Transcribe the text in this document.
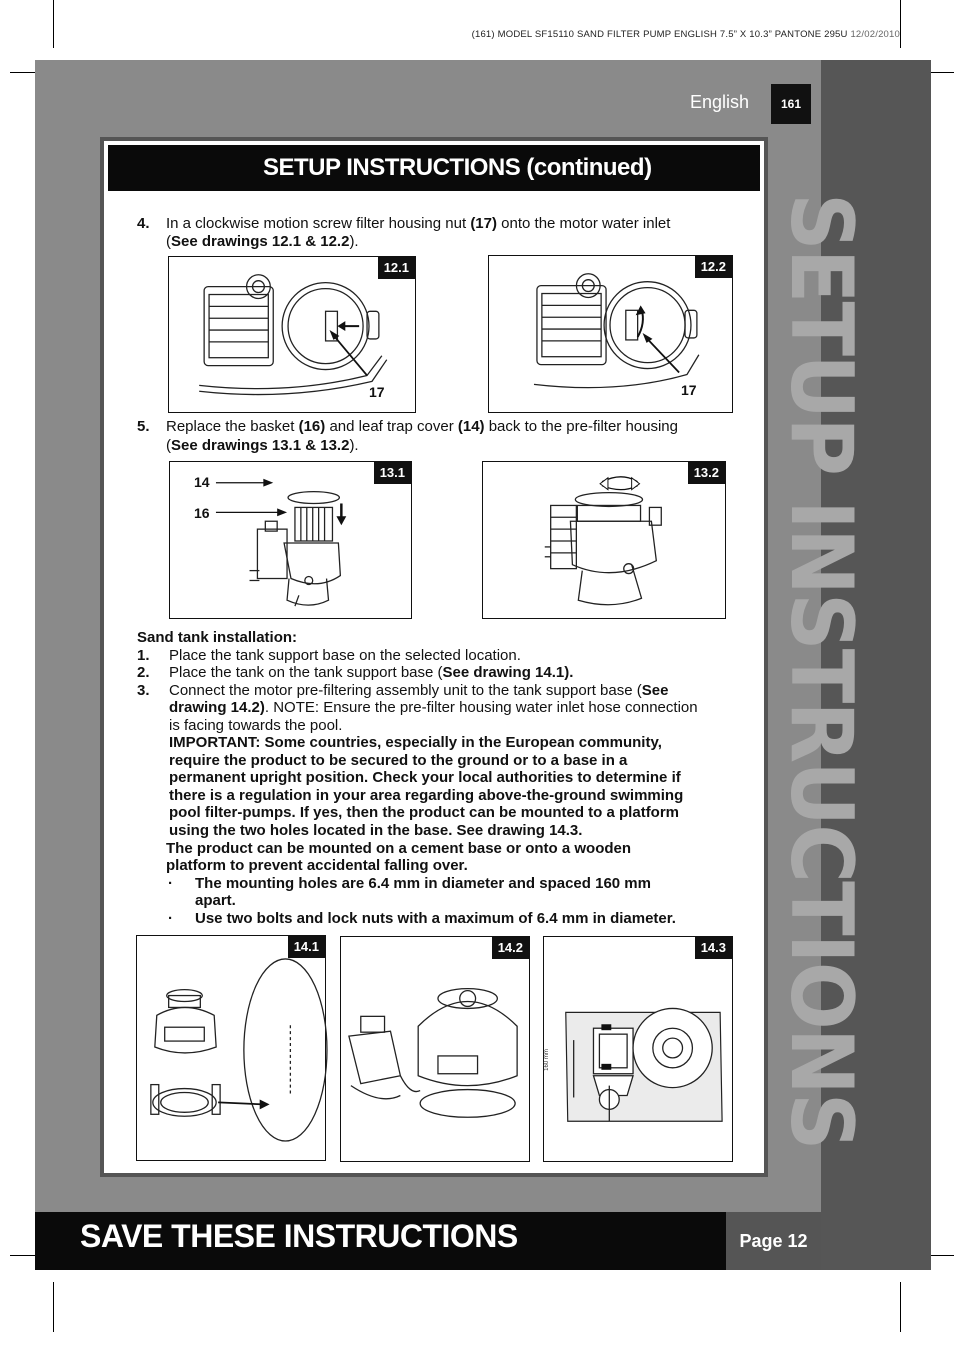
(161) MODEL SF15110 SAND FILTER PUMP ENGLISH 7.5” X 10.3” PANTONE 295U 12/02/2010
SETUP INSTRUCTIONS
English	161
SETUP INSTRUCTIONS (continued)
4. In a clockwise motion screw filter housing nut (17) onto the motor water inlet
(See drawings 12.1 & 12.2).
12.1
17
12.2
17
5. Replace the basket (16) and leaf trap cover (14) back to the pre-filter housing
(See drawings 13.1 & 13.2).
13.1
14
16
13.2
Sand tank installation:
1. Place the tank support base on the selected location.
2. Place the tank on the tank support base (See drawing 14.1).
3. Connect the motor pre-filtering assembly unit to the tank support base (See
drawing 14.2). NOTE: Ensure the pre-filter housing water inlet hose connection
is facing towards the pool.
IMPORTANT: Some countries, especially in the European community,
require the product to be secured to the ground or to a base in a
permanent upright position. Check your local authorities to determine if
there is a regulation in your area regarding above-the-ground swimming
pool filter-pumps. If yes, then the product can be mounted to a platform
using the two holes located in the base. See drawing 14.3.
The product can be mounted on a cement base or onto a wooden
platform to prevent accidental falling over.
· The mounting holes are 6.4 mm in diameter and spaced 160 mm
apart.
· Use two bolts and lock nuts with a maximum of 6.4 mm in diameter.
14.1	14.2	14.3
160 mm
SAVE THESE INSTRUCTIONS	Page 12
